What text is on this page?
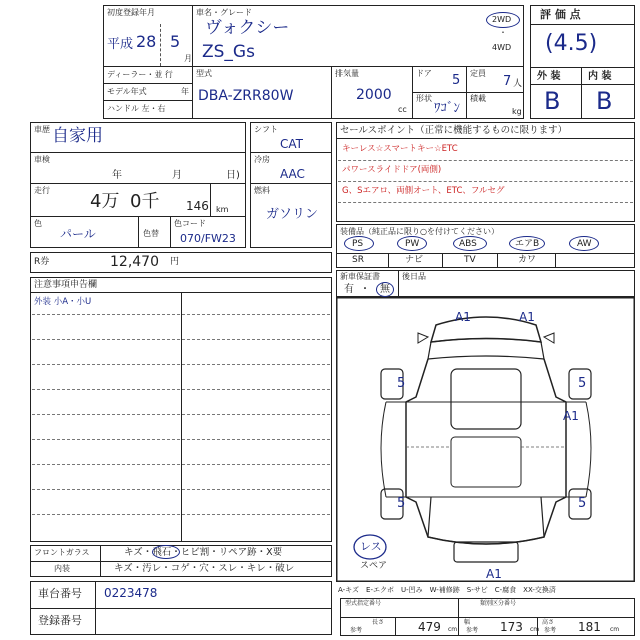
初度登録年月
平成 28 5
月
車名・グレード
ヴォクシー
ZS_Gs
2WD
・
4WD
評 価 点
(4.5)
外 装	内 装
B B
ディーラー・並 行
モデル年式	年
ハンドル 左・右
型式
DBA-ZRR80W
排気量
2000
cc
ドア 5 定員
7 人
形状
ﾜｺﾞﾝ
積載
kg
車歴 自家用
車検
年	月	日)
走行
4万 0千 146 km
色
パール	色替
色コード
070/FW23
シフト
CAT
冷房
AAC
燃料
ガソリン
セールスポイント（正常に機能するものに限ります）
キーレス☆スマートキー☆ETC
パワースライドドア(両側)
G、Sエアロ、両側オート、ETC、フルセグ
装備品（純正品に限り○を付けてください）
PS	PW	ABS	エアB	AW
SR	ナビ	TV	カワ
新車保証書
有 ・ 無
後日品
R券	12,470 円
注意事項申告欄
外装 小A・小U
フロントガラス	キズ・飛石・ヒビ割・リペア跡・X要
内装	キズ・汚レ・コゲ・穴・スレ・キレ・破レ
車台番号 0223478
登録番号
A1	A1
A1
A1
5	5
5	5
レス
スペア
A-キズ　E-エクボ　U-凹み　W-補修跡　S-サビ　C-腐食　XX-交換済
型式指定番号	類別区分番号
長さ	479 cm
幅 173 cm
高さ 181 cm
参考	参考	参考
